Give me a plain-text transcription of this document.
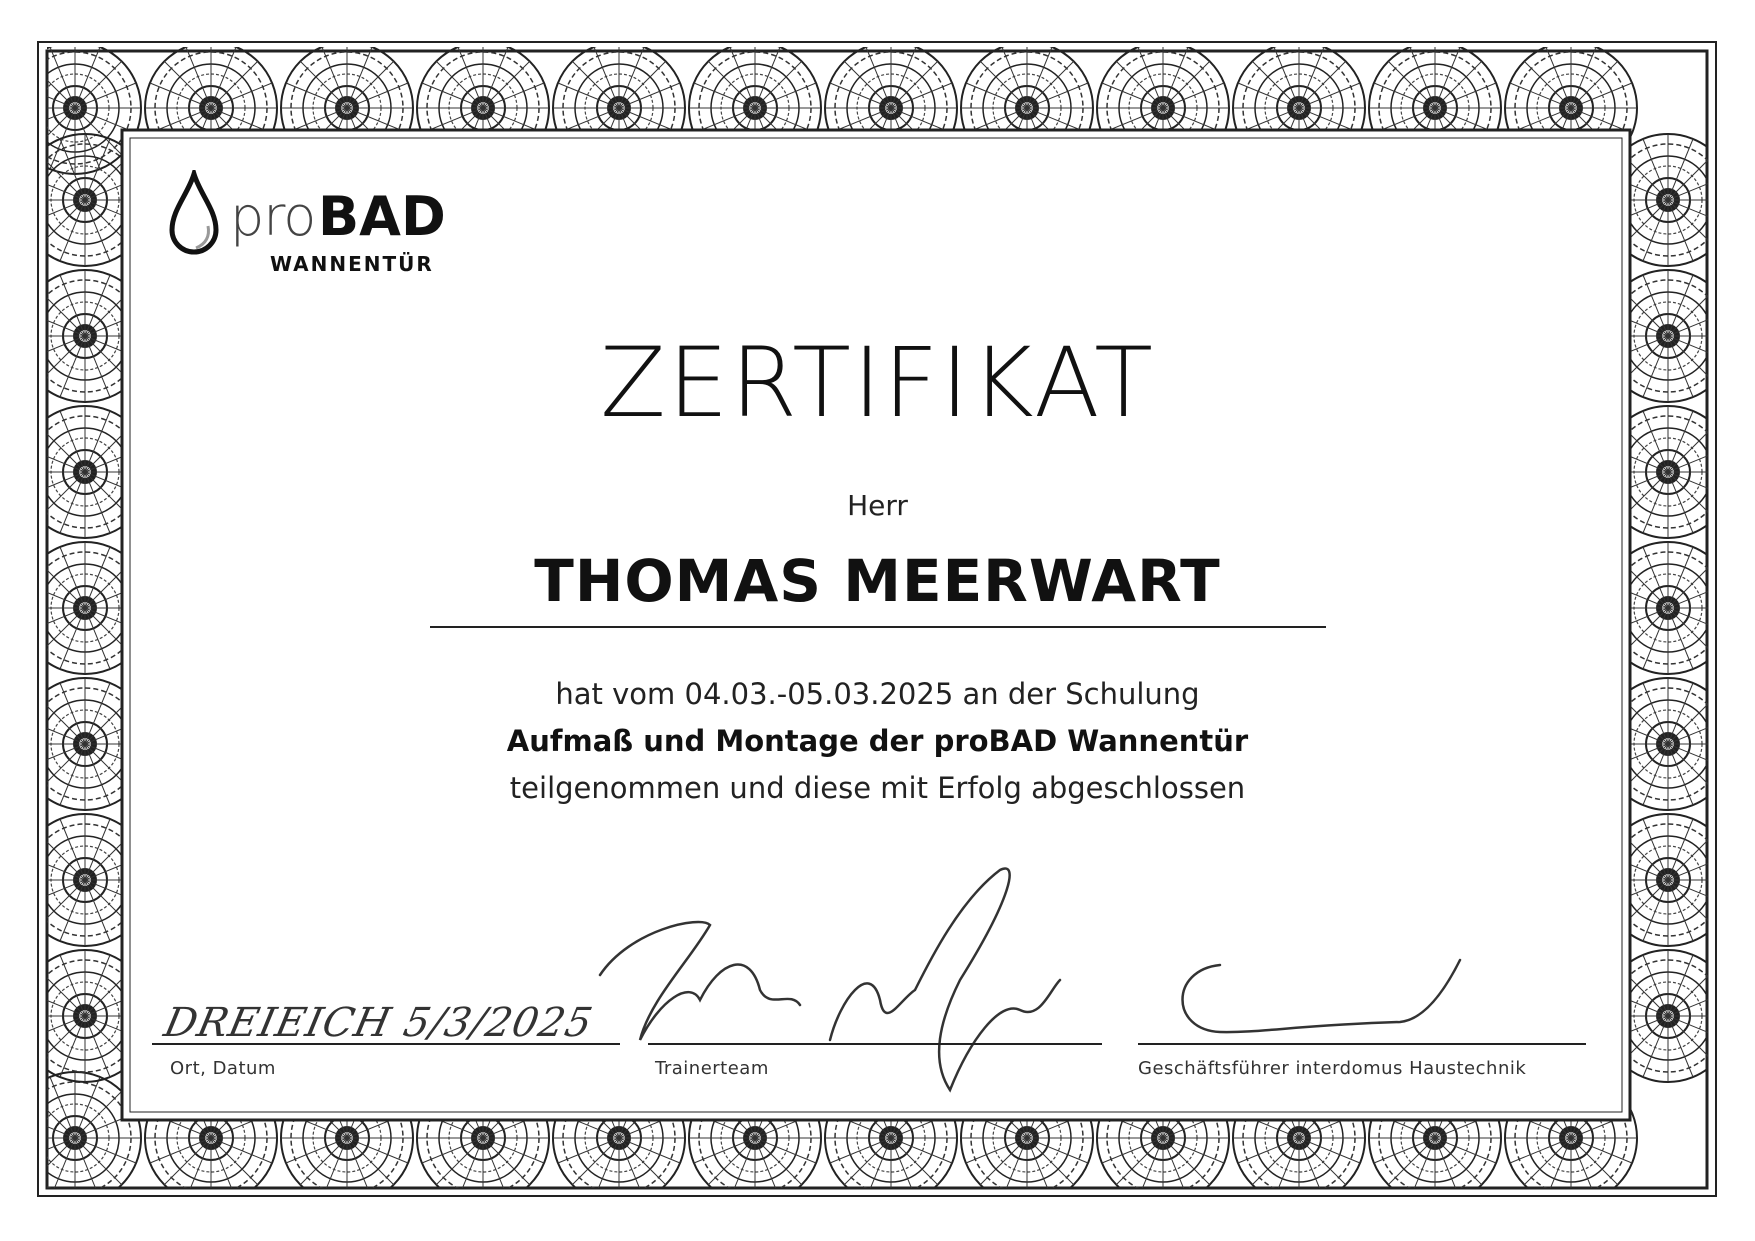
pro BAD
WANNENTÜR
ZERTIFIKAT
Herr
THOMAS MEERWART
hat vom 04.03.-05.03.2025 an der Schulung
Aufmaß und Montage der proBAD Wannentür
teilgenommen und diese mit Erfolg abgeschlossen
DREIEICH 5/3/2025
Ort, Datum	Trainerteam	Geschäftsführer interdomus Haustechnik
